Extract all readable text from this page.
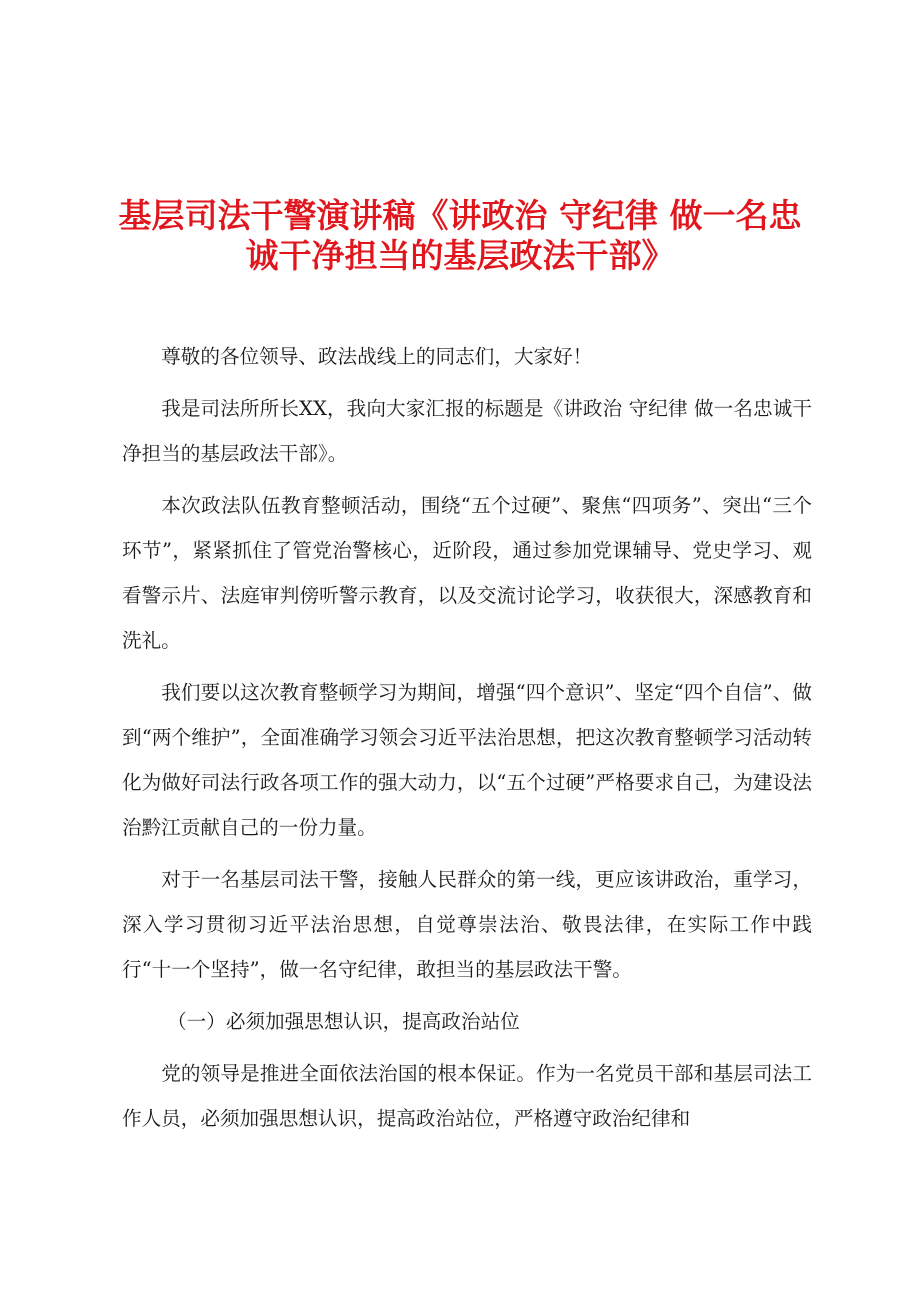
基层司法干警演讲稿《讲政治 守纪律 做一名忠
诚干净担当的基层政法干部》

尊敬的各位领导、政法战线上的同志们，大家好！

我是司法所所长XX，我向大家汇报的标题是《讲政治 守纪律 做一名忠诚干净担当的基层政法干部》。

本次政法队伍教育整顿活动，围绕“五个过硬”、聚焦“四项务”、突出“三个环节”，紧紧抓住了管党治警核心，近阶段，通过参加党课辅导、党史学习、观看警示片、法庭审判傍听警示教育，以及交流讨论学习，收获很大，深感教育和洗礼。

我们要以这次教育整顿学习为期间，增强“四个意识”、坚定“四个自信”、做到“两个维护”，全面准确学习领会习近平法治思想，把这次教育整顿学习活动转化为做好司法行政各项工作的强大动力，以“五个过硬”严格要求自己，为建设法治黔江贡献自己的一份力量。

对于一名基层司法干警，接触人民群众的第一线，更应该讲政治，重学习，深入学习贯彻习近平法治思想，自觉尊崇法治、敬畏法律，在实际工作中践行“十一个坚持”，做一名守纪律，敢担当的基层政法干警。

（一）必须加强思想认识，提高政治站位

党的领导是推进全面依法治国的根本保证。作为一名党员干部和基层司法工作人员，必须加强思想认识，提高政治站位，严格遵守政治纪律和
